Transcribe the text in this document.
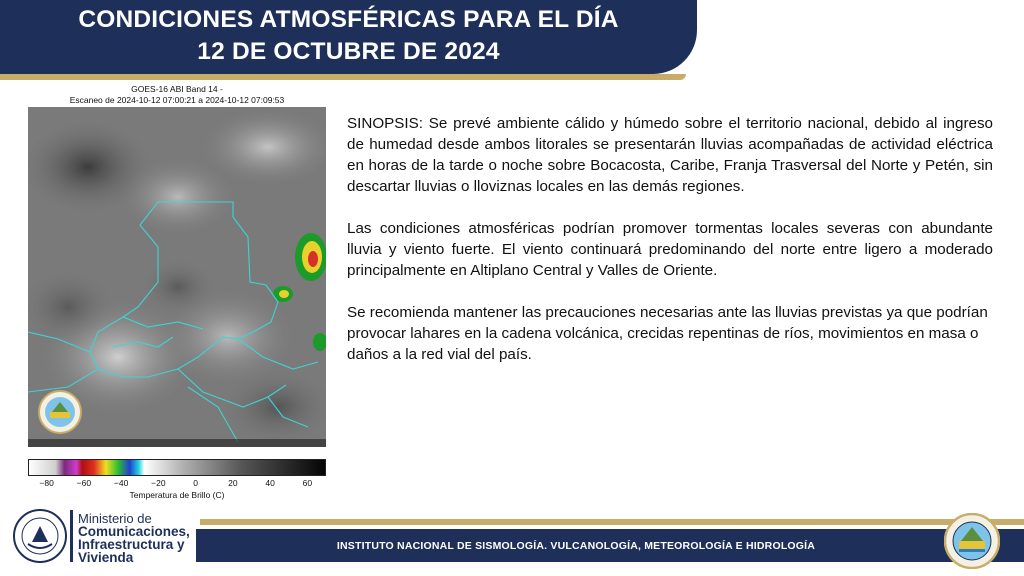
CONDICIONES ATMOSFÉRICAS PARA EL DÍA
12 DE OCTUBRE DE 2024
GOES-16 ABI Band 14 -
Escaneo de 2024-10-12 07:00:21 a 2024-10-12 07:09:53
−80	−60	−40	−20	0	20	40	60
Temperatura de Brillo (C)

SINOPSIS: Se prevé ambiente cálido y húmedo sobre el territorio nacional, debido al ingreso de humedad desde ambos litorales se presentarán lluvias acompañadas de actividad eléctrica en horas de la tarde o noche sobre Bocacosta, Caribe, Franja Trasversal del Norte y Petén, sin descartar lluvias o lloviznas locales en las demás regiones.

Las condiciones atmosféricas podrían promover tormentas locales severas con abundante lluvia y viento fuerte. El viento continuará predominando del norte entre ligero a moderado principalmente en Altiplano Central y Valles de Oriente.

Se recomienda mantener las precauciones necesarias ante las lluvias previstas ya que podrían provocar lahares en la cadena volcánica, crecidas repentinas de ríos, movimientos en masa o daños a la red vial del país.

INSTITUTO NACIONAL DE SISMOLOGÍA. VULCANOLOGÍA, METEOROLOGÍA E HIDROLOGÍA
Ministerio de
Comunicaciones,
Infraestructura y
Vivienda
